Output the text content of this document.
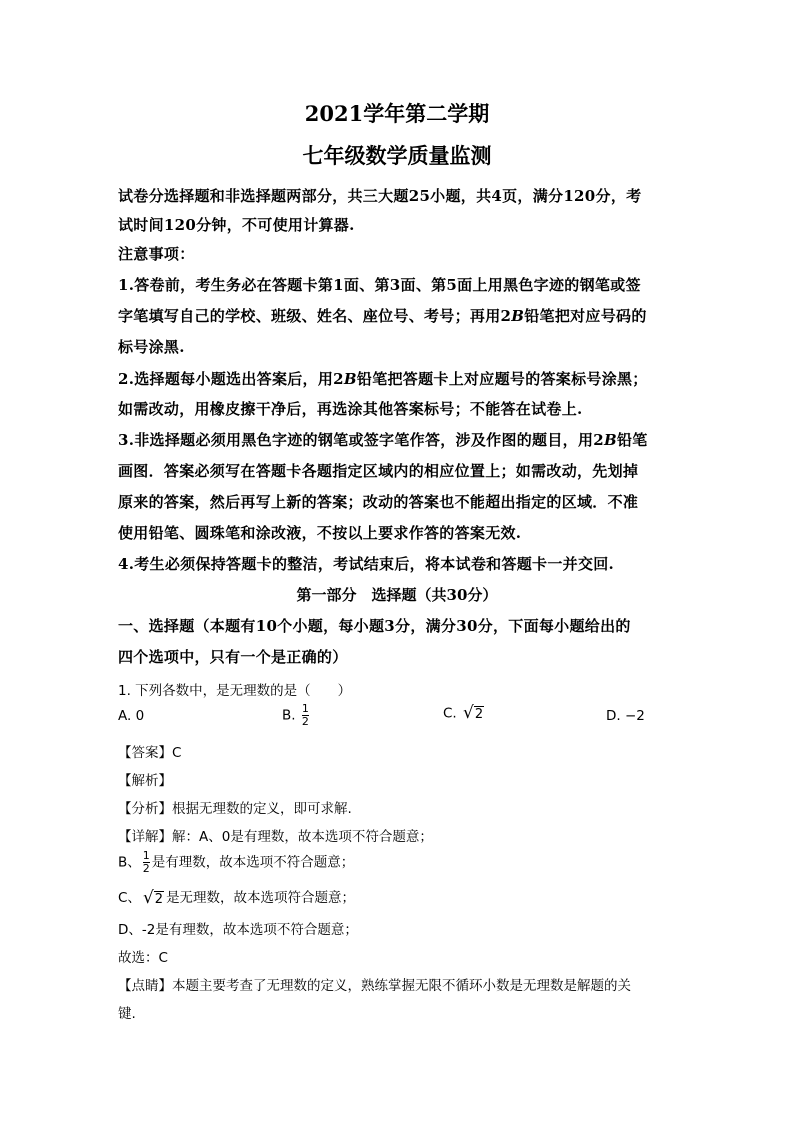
2021学年第二学期
七年级数学质量监测
试卷分选择题和非选择题两部分，共三大题25小题，共4页，满分120分，考
试时间120分钟，不可使用计算器.
注意事项：
1.答卷前，考生务必在答题卡第1面、第3面、第5面上用黑色字迹的钢笔或签
字笔填写自己的学校、班级、姓名、座位号、考号；再用2B铅笔把对应号码的
标号涂黑.
2.选择题每小题选出答案后，用2B铅笔把答题卡上对应题号的答案标号涂黑；
如需改动，用橡皮擦干净后，再选涂其他答案标号；不能答在试卷上.
3.非选择题必须用黑色字迹的钢笔或签字笔作答，涉及作图的题目，用2B铅笔
画图．答案必须写在答题卡各题指定区域内的相应位置上；如需改动，先划掉
原来的答案，然后再写上新的答案；改动的答案也不能超出指定的区域．不准
使用铅笔、圆珠笔和涂改液，不按以上要求作答的答案无效.
4.考生必须保持答题卡的整洁，考试结束后，将本试卷和答题卡一并交回.
第一部分　选择题（共30分）
一、选择题（本题有10个小题，每小题3分，满分30分，下面每小题给出的
四个选项中，只有一个是正确的）
1. 下列各数中，是无理数的是（　　）
A. 0	B. $\frac{1}{2}$	C. √ 2	D. −2
【答案】C
【解析】
【分析】根据无理数的定义，即可求解.
【详解】解：A、0是有理数，故本选项不符合题意；
B、 $\frac{1}{2}$ 是有理数，故本选项不符合题意；
C、 √ 2 是无理数，故本选项符合题意；
D、-2是有理数，故本选项不符合题意；
故选：C
【点睛】本题主要考查了无理数的定义，熟练掌握无限不循环小数是无理数是解题的关
键.
